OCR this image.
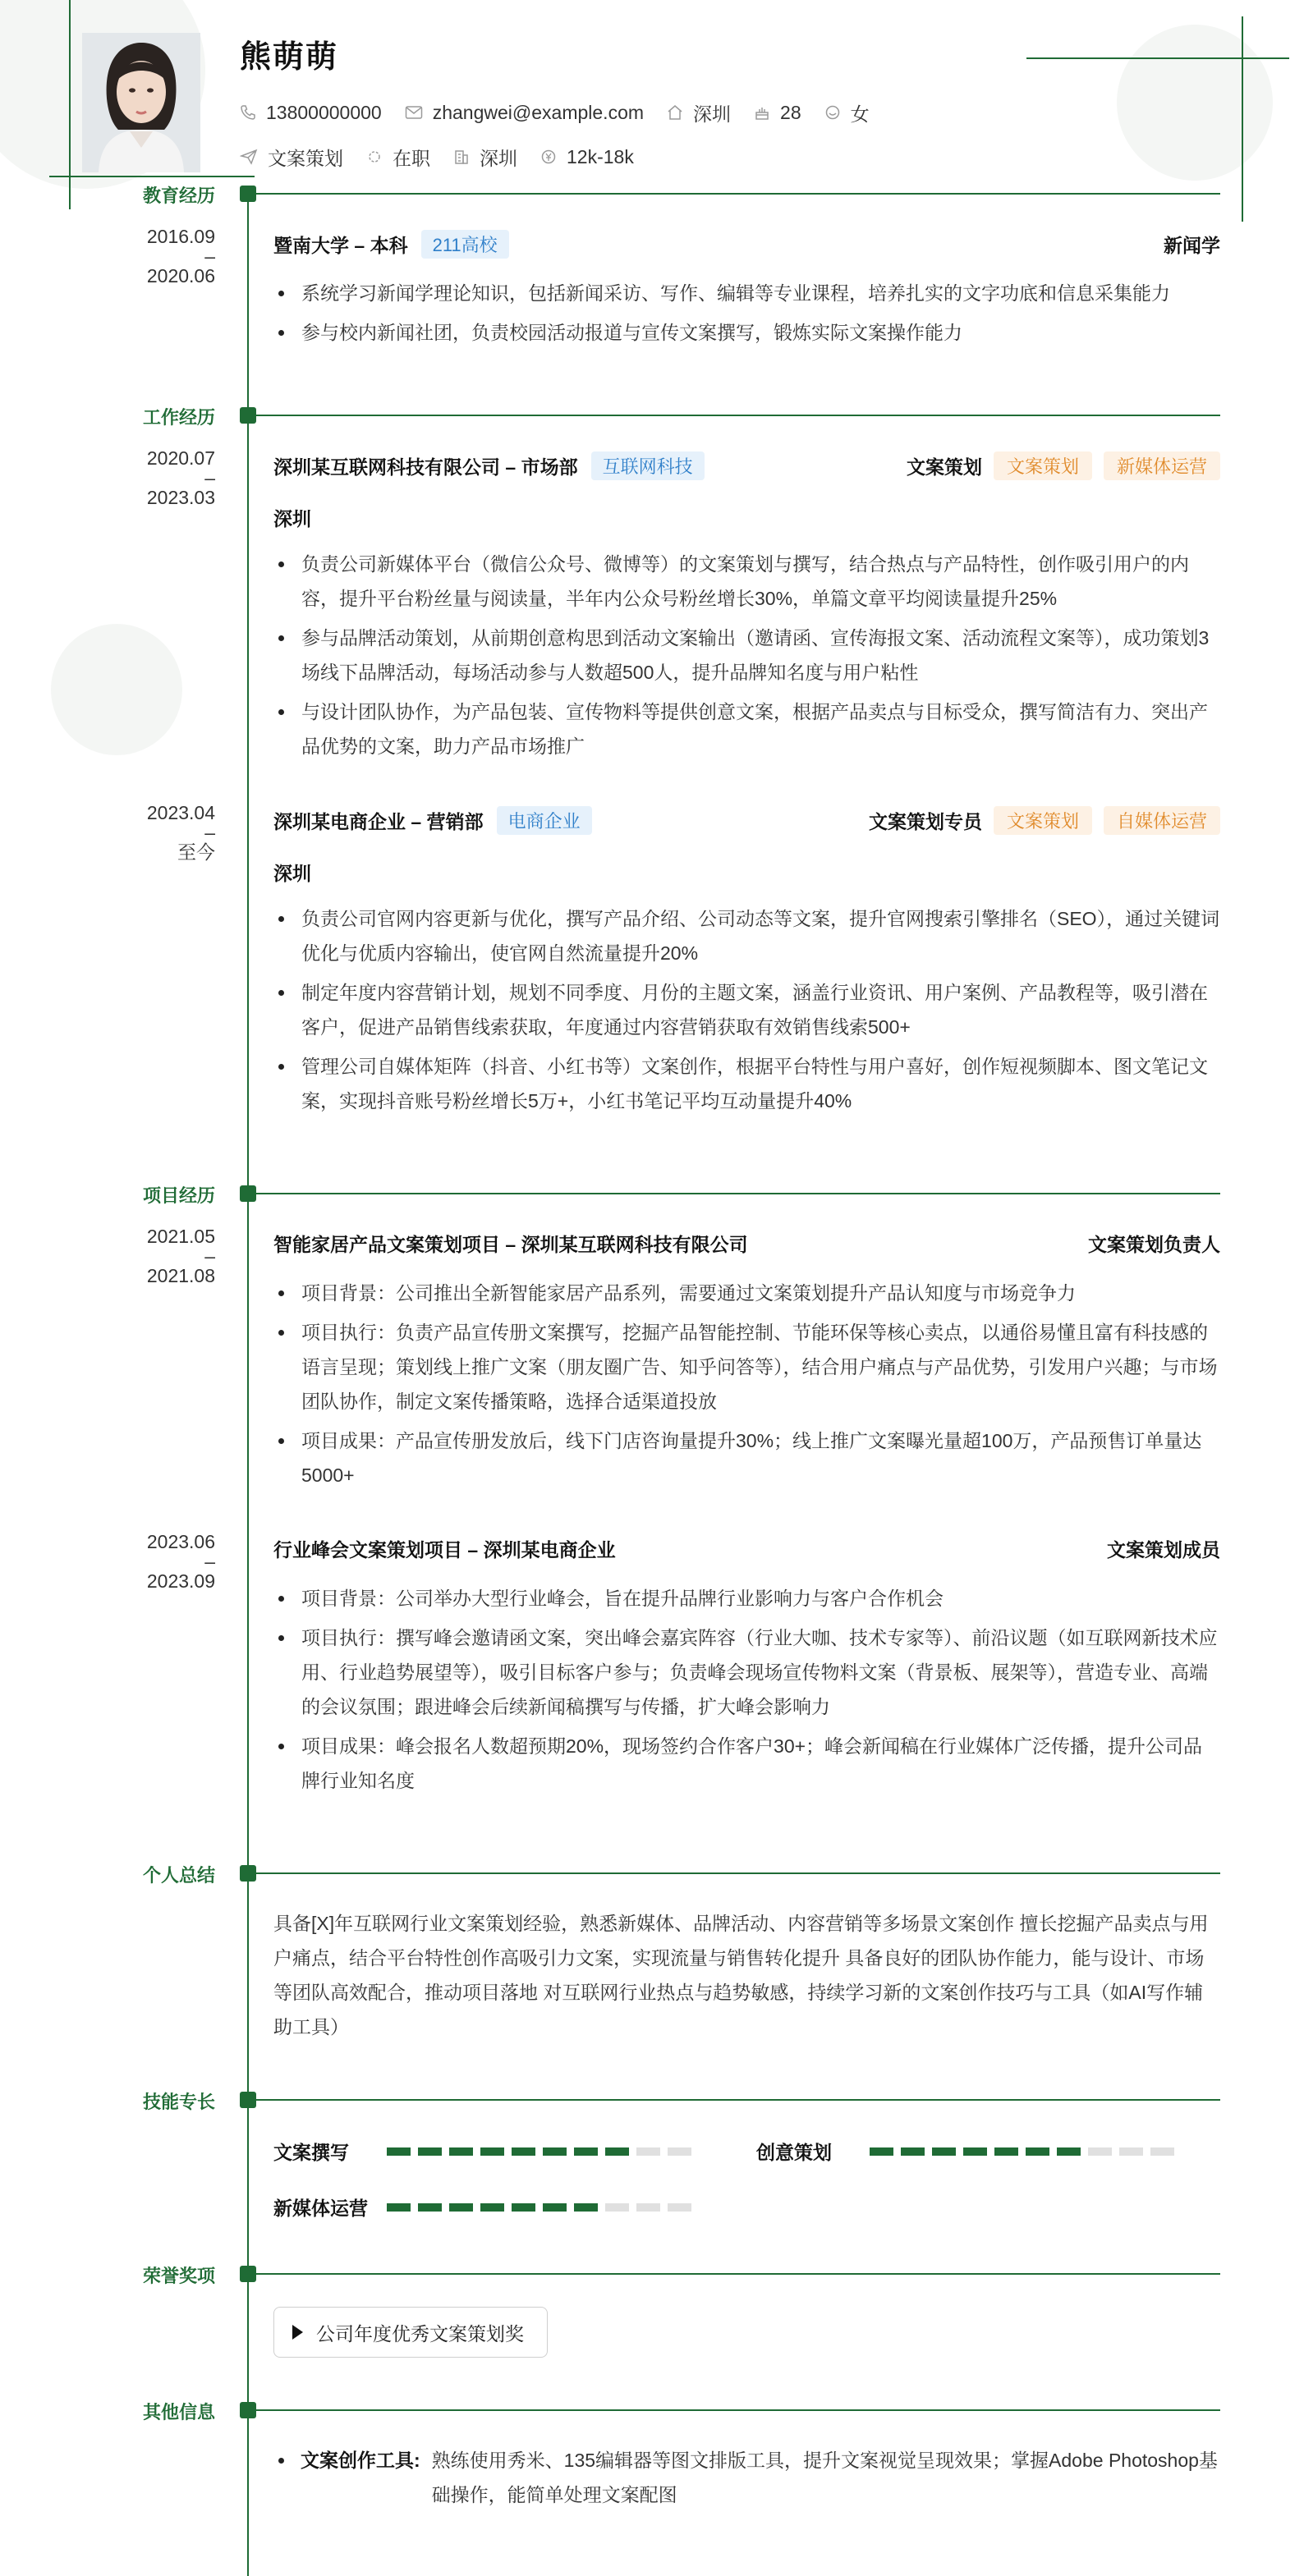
熊萌萌
13800000000	zhangwei@example.com	深圳	28	女
文案策划	在职	深圳	12k-18k
教育经历
2016.09
–
2020.06
暨南大学 – 本科	211高校	新闻学
系统学习新闻学理论知识，包括新闻采访、写作、编辑等专业课程，培养扎实的文字功底和信息采集能力
参与校内新闻社团，负责校园活动报道与宣传文案撰写，锻炼实际文案操作能力
工作经历
2020.07
–
2023.03
深圳某互联网科技有限公司 – 市场部	互联网科技	文案策划	文案策划	新媒体运营
深圳
负责公司新媒体平台（微信公众号、微博等）的文案策划与撰写，结合热点与产品特性，创作吸引用户的内容，提升平台粉丝量与阅读量，半年内公众号粉丝增长30%，单篇文章平均阅读量提升25%
参与品牌活动策划，从前期创意构思到活动文案输出（邀请函、宣传海报文案、活动流程文案等），成功策划3场线下品牌活动，每场活动参与人数超500人，提升品牌知名度与用户粘性
与设计团队协作，为产品包装、宣传物料等提供创意文案，根据产品卖点与目标受众，撰写简洁有力、突出产品优势的文案，助力产品市场推广
2023.04
–
至今
深圳某电商企业 – 营销部	电商企业	文案策划专员	文案策划	自媒体运营
深圳
负责公司官网内容更新与优化，撰写产品介绍、公司动态等文案，提升官网搜索引擎排名（SEO），通过关键词优化与优质内容输出，使官网自然流量提升20%
制定年度内容营销计划，规划不同季度、月份的主题文案，涵盖行业资讯、用户案例、产品教程等，吸引潜在客户，促进产品销售线索获取，年度通过内容营销获取有效销售线索500+
管理公司自媒体矩阵（抖音、小红书等）文案创作，根据平台特性与用户喜好，创作短视频脚本、图文笔记文案，实现抖音账号粉丝增长5万+，小红书笔记平均互动量提升40%
项目经历
2021.05
–
2021.08
智能家居产品文案策划项目 – 深圳某互联网科技有限公司	文案策划负责人
项目背景：公司推出全新智能家居产品系列，需要通过文案策划提升产品认知度与市场竞争力
项目执行：负责产品宣传册文案撰写，挖掘产品智能控制、节能环保等核心卖点，以通俗易懂且富有科技感的语言呈现；策划线上推广文案（朋友圈广告、知乎问答等），结合用户痛点与产品优势，引发用户兴趣；与市场团队协作，制定文案传播策略，选择合适渠道投放
项目成果：产品宣传册发放后，线下门店咨询量提升30%；线上推广文案曝光量超100万，产品预售订单量达5000+
2023.06
–
2023.09
行业峰会文案策划项目 – 深圳某电商企业	文案策划成员
项目背景：公司举办大型行业峰会，旨在提升品牌行业影响力与客户合作机会
项目执行：撰写峰会邀请函文案，突出峰会嘉宾阵容（行业大咖、技术专家等）、前沿议题（如互联网新技术应用、行业趋势展望等），吸引目标客户参与；负责峰会现场宣传物料文案（背景板、展架等），营造专业、高端的会议氛围；跟进峰会后续新闻稿撰写与传播，扩大峰会影响力
项目成果：峰会报名人数超预期20%，现场签约合作客户30+；峰会新闻稿在行业媒体广泛传播，提升公司品牌行业知名度
个人总结
具备[X]年互联网行业文案策划经验，熟悉新媒体、品牌活动、内容营销等多场景文案创作 擅长挖掘产品卖点与用户痛点，结合平台特性创作高吸引力文案，实现流量与销售转化提升 具备良好的团队协作能力，能与设计、市场等团队高效配合，推动项目落地 对互联网行业热点与趋势敏感，持续学习新的文案创作技巧与工具（如AI写作辅助工具）
技能专长
文案撰写	创意策划
新媒体运营
荣誉奖项
公司年度优秀文案策划奖
其他信息
文案创作工具: 熟练使用秀米、135编辑器等图文排版工具，提升文案视觉呈现效果；掌握Adobe Photoshop基础操作，能简单处理文案配图
